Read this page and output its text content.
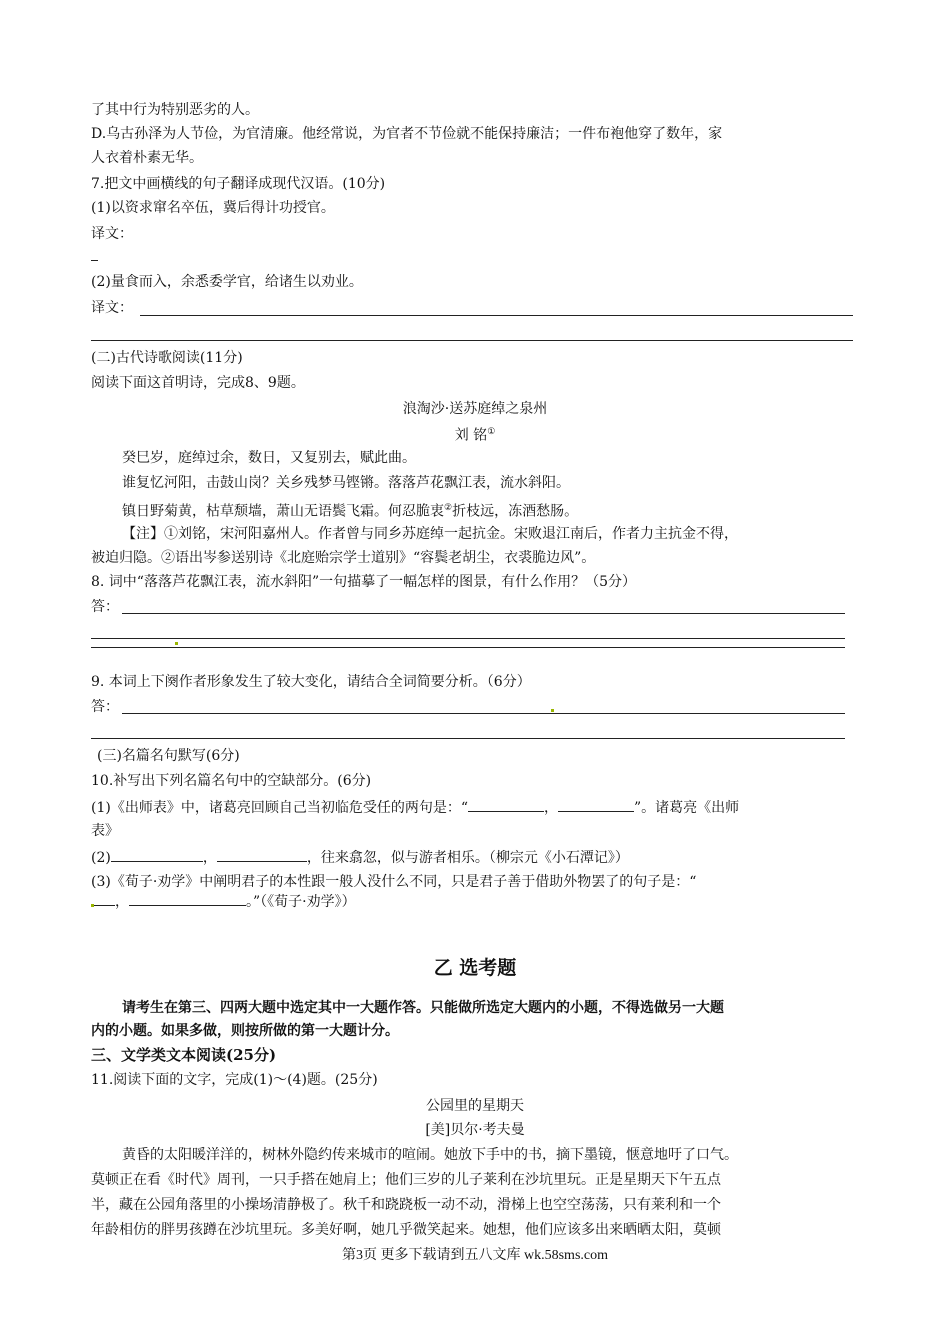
了其中行为特别恶劣的人。
D.乌古孙泽为人节俭，为官清廉。他经常说，为官者不节俭就不能保持廉洁；一件布袍他穿了数年，家
人衣着朴素无华。
7.把文中画横线的句子翻译成现代汉语。(10分)
(1)以资求窜名卒伍，冀后得计功授官。
译文：
(2)量食而入，余悉委学官，给诸生以劝业。
译文：
(二)古代诗歌阅读(11分)
阅读下面这首明诗，完成8、9题。
浪淘沙·送苏庭绰之泉州
刘 铭①
癸巳岁，庭绰过余，数日，又复别去，赋此曲。
谁复忆河阳，击鼓山岗？关乡残梦马铿锵。落落芦花飘江表，流水斜阳。
镇日野菊黄，枯草颓墙，萧山无语鬓飞霜。何忍脆衷②折枝远，冻酒愁肠。
【注】①刘铭，宋河阳嘉州人。作者曾与同乡苏庭绰一起抗金。宋败退江南后，作者力主抗金不得，
被迫归隐。②语出岑参送别诗《北庭贻宗学士道别》“容鬓老胡尘，衣裘脆边风”。
8. 词中“落落芦花飘江表，流水斜阳”一句描摹了一幅怎样的图景，有什么作用？（5分）
答：
9. 本词上下阕作者形象发生了较大变化，请结合全词简要分析。（6分）
答：
(三)名篇名句默写(6分)
10.补写出下列名篇名句中的空缺部分。(6分)
(1)《出师表》中，诸葛亮回顾自己当初临危受任的两句是：“	，	”。诸葛亮《出师
表》
(2)	，	，往来翕忽，似与游者相乐。（柳宗元《小石潭记》）
(3)《荀子·劝学》中阐明君子的本性跟一般人没什么不同，只是君子善于借助外物罢了的句子是：“
，	。”（《荀子·劝学》）
乙 选考题
请考生在第三、四两大题中选定其中一大题作答。只能做所选定大题内的小题，不得选做另一大题
内的小题。如果多做，则按所做的第一大题计分。
三、文学类文本阅读(25分)
11.阅读下面的文字，完成(1)～(4)题。(25分)
公园里的星期天
[美]贝尔·考夫曼
黄昏的太阳暖洋洋的，树林外隐约传来城市的喧闹。她放下手中的书，摘下墨镜，惬意地吁了口气。
莫顿正在看《时代》周刊，一只手搭在她肩上；他们三岁的儿子莱利在沙坑里玩。正是星期天下午五点
半，藏在公园角落里的小操场清静极了。秋千和跷跷板一动不动，滑梯上也空空荡荡，只有莱利和一个
年龄相仿的胖男孩蹲在沙坑里玩。多美好啊，她几乎微笑起来。她想，他们应该多出来晒晒太阳，莫顿
第3页 更多下载请到五八文库 wk.58sms.com
